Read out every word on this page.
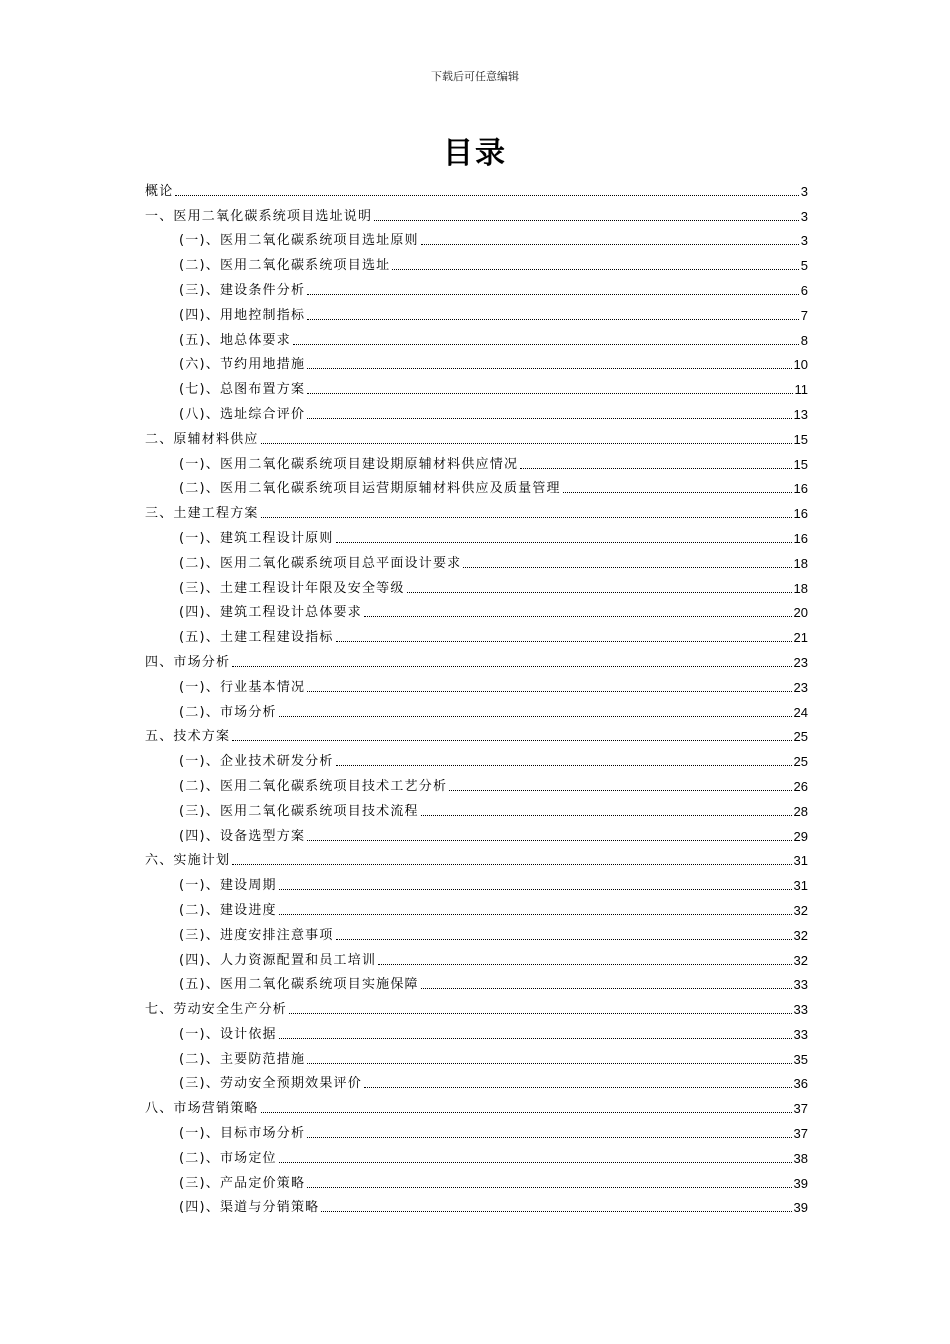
下载后可任意编辑
目录
概论	3
一、医用二氧化碳系统项目选址说明	3
(一)、医用二氧化碳系统项目选址原则	3
(二)、医用二氧化碳系统项目选址	5
(三)、建设条件分析	6
(四)、用地控制指标	7
(五)、地总体要求	8
(六)、节约用地措施	10
(七)、总图布置方案	11
(八)、选址综合评价	13
二、原辅材料供应	15
(一)、医用二氧化碳系统项目建设期原辅材料供应情况	15
(二)、医用二氧化碳系统项目运营期原辅材料供应及质量管理	16
三、土建工程方案	16
(一)、建筑工程设计原则	16
(二)、医用二氧化碳系统项目总平面设计要求	18
(三)、土建工程设计年限及安全等级	18
(四)、建筑工程设计总体要求	20
(五)、土建工程建设指标	21
四、市场分析	23
(一)、行业基本情况	23
(二)、市场分析	24
五、技术方案	25
(一)、企业技术研发分析	25
(二)、医用二氧化碳系统项目技术工艺分析	26
(三)、医用二氧化碳系统项目技术流程	28
(四)、设备选型方案	29
六、实施计划	31
(一)、建设周期	31
(二)、建设进度	32
(三)、进度安排注意事项	32
(四)、人力资源配置和员工培训	32
(五)、医用二氧化碳系统项目实施保障	33
七、劳动安全生产分析	33
(一)、设计依据	33
(二)、主要防范措施	35
(三)、劳动安全预期效果评价	36
八、市场营销策略	37
(一)、目标市场分析	37
(二)、市场定位	38
(三)、产品定价策略	39
(四)、渠道与分销策略	39
